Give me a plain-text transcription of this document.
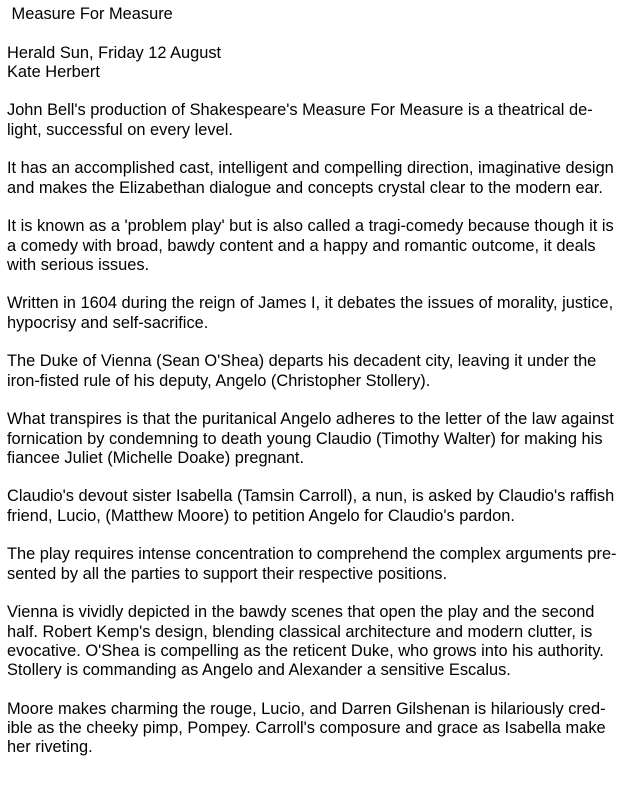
Measure For Measure
Herald Sun, Friday 12 August
Kate Herbert
John Bell's production of Shakespeare's Measure For Measure is a theatrical de-
light, successful on every level.
It has an accomplished cast, intelligent and compelling direction, imaginative design
and makes the Elizabethan dialogue and concepts crystal clear to the modern ear.
It is known as a 'problem play' but is also called a tragi-comedy because though it is
a comedy with broad, bawdy content and a happy and romantic outcome, it deals
with serious issues.
Written in 1604 during the reign of James I, it debates the issues of morality, justice,
hypocrisy and self-sacrifice.
The Duke of Vienna (Sean O'Shea) departs his decadent city, leaving it under the
iron-fisted rule of his deputy, Angelo (Christopher Stollery).
What transpires is that the puritanical Angelo adheres to the letter of the law against
fornication by condemning to death young Claudio (Timothy Walter) for making his
fiancee Juliet (Michelle Doake) pregnant.
Claudio's devout sister Isabella (Tamsin Carroll), a nun, is asked by Claudio's raffish
friend, Lucio, (Matthew Moore) to petition Angelo for Claudio's pardon.
The play requires intense concentration to comprehend the complex arguments pre-
sented by all the parties to support their respective positions.
Vienna is vividly depicted in the bawdy scenes that open the play and the second
half. Robert Kemp's design, blending classical architecture and modern clutter, is
evocative. O'Shea is compelling as the reticent Duke, who grows into his authority.
Stollery is commanding as Angelo and Alexander a sensitive Escalus.
Moore makes charming the rouge, Lucio, and Darren Gilshenan is hilariously cred-
ible as the cheeky pimp, Pompey. Carroll's composure and grace as Isabella make
her riveting.
